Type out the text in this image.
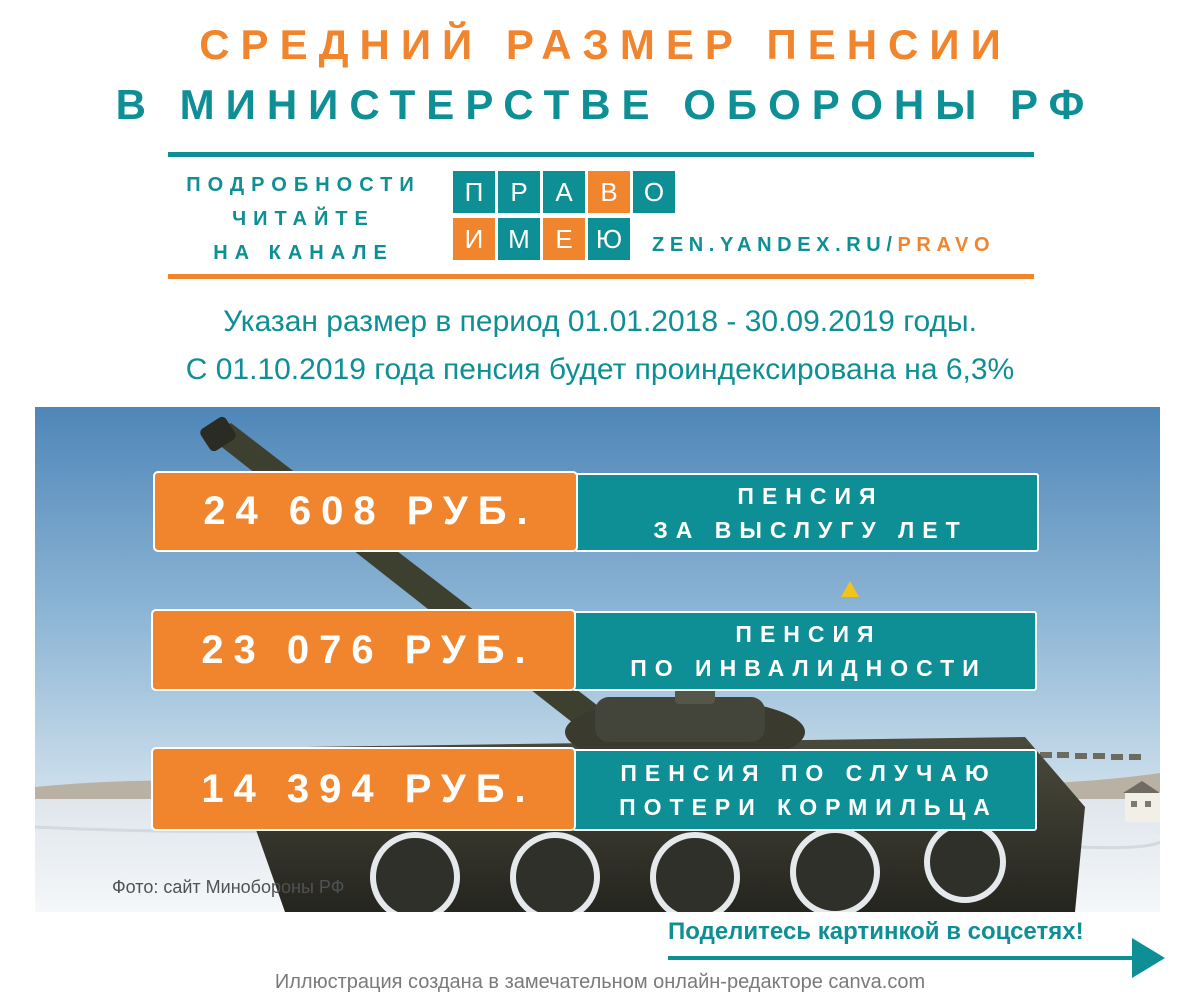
СРЕДНИЙ РАЗМЕР ПЕНСИИ
В МИНИСТЕРСТВЕ ОБОРОНЫ РФ
ПОДРОБНОСТИ
ЧИТАЙТЕ
НА КАНАЛЕ
П	Р	А	В	О
И М Е Ю	ZEN.YANDEX.RU/PRAVO
Указан размер в период 01.01.2018 - 30.09.2019 годы.
С 01.10.2019 года пенсия будет проиндексирована на 6,3%
24 608 РУБ.	ПЕНСИЯ
ЗА ВЫСЛУГУ ЛЕТ
23 076 РУБ.	ПЕНСИЯ
ПО ИНВАЛИДНОСТИ
14 394 РУБ.	ПЕНСИЯ ПО СЛУЧАЮ
ПОТЕРИ КОРМИЛЬЦА
Фото: сайт Минобороны РФ
Поделитесь картинкой в соцсетях!
Иллюстрация создана в замечательном онлайн-редакторе canva.com
